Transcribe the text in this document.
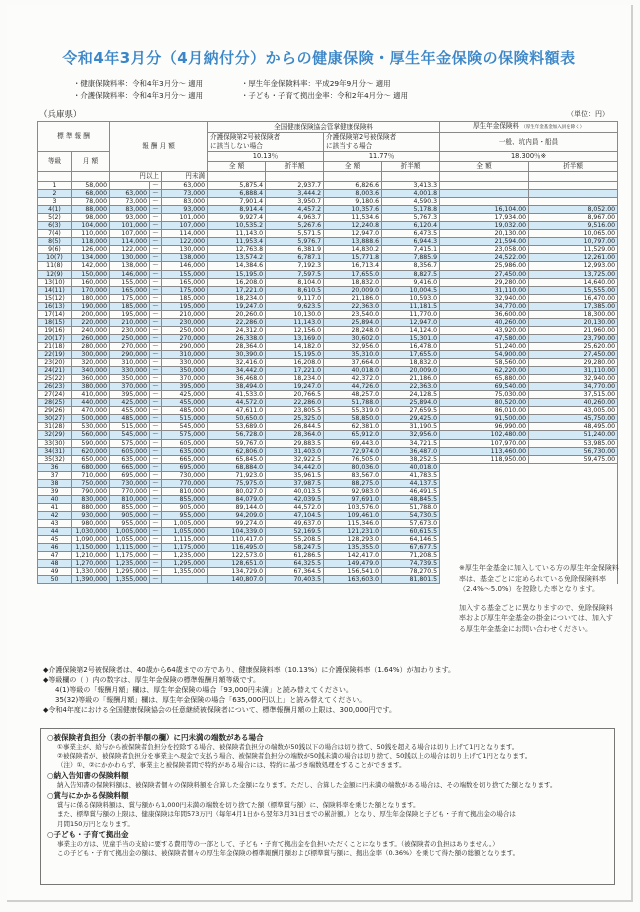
令和4年3月分（4月納付分）からの健康保険・厚生年金保険の保険料額表
・健康保険料率：令和4年3月分～ 適用	・厚生年金保険料率：平成29年9月分～ 適用
・介護保険料率：令和4年3月分～ 適用	・子ども・子育て拠出金率：令和2年4月分～ 適用
（兵庫県）	（単位：円）
標 準 報 酬		報 酬 月 額			全国健康保険協会管掌健康保険料				厚生年金保険料 （厚生年金基金加入員を除く）	
					介護保険第2号被保険者
に該当しない場合		介護保険第2号被保険者
に該当する場合		一般、坑内員・船員	
等級	月 額				10.13％		11.77％		18.300％※	
					全 額	折半額	全 額	折半額	全 額	折半額
		円以上		円未満						
1	58,000		～	63,000	5,875.4	2,937.7	6,826.6	3,413.3		
2	68,000	63,000	～	73,000	6,888.4	3,444.2	8,003.6	4,001.8		
3	78,000	73,000	～	83,000	7,901.4	3,950.7	9,180.6	4,590.3		
4(1)	88,000	83,000	～	93,000	8,914.4	4,457.2	10,357.6	5,178.8	16,104.00	8,052.00
5(2)	98,000	93,000	～	101,000	9,927.4	4,963.7	11,534.6	5,767.3	17,934.00	8,967.00
6(3)	104,000	101,000	～	107,000	10,535.2	5,267.6	12,240.8	6,120.4	19,032.00	9,516.00
7(4)	110,000	107,000	～	114,000	11,143.0	5,571.5	12,947.0	6,473.5	20,130.00	10,065.00
8(5)	118,000	114,000	～	122,000	11,953.4	5,976.7	13,888.6	6,944.3	21,594.00	10,797.00
9(6)	126,000	122,000	～	130,000	12,763.8	6,381.9	14,830.2	7,415.1	23,058.00	11,529.00
10(7)	134,000	130,000	～	138,000	13,574.2	6,787.1	15,771.8	7,885.9	24,522.00	12,261.00
11(8)	142,000	138,000	～	146,000	14,384.6	7,192.3	16,713.4	8,356.7	25,986.00	12,993.00
12(9)	150,000	146,000	～	155,000	15,195.0	7,597.5	17,655.0	8,827.5	27,450.00	13,725.00
13(10)	160,000	155,000	～	165,000	16,208.0	8,104.0	18,832.0	9,416.0	29,280.00	14,640.00
14(11)	170,000	165,000	～	175,000	17,221.0	8,610.5	20,009.0	10,004.5	31,110.00	15,555.00
15(12)	180,000	175,000	～	185,000	18,234.0	9,117.0	21,186.0	10,593.0	32,940.00	16,470.00
16(13)	190,000	185,000	～	195,000	19,247.0	9,623.5	22,363.0	11,181.5	34,770.00	17,385.00
17(14)	200,000	195,000	～	210,000	20,260.0	10,130.0	23,540.0	11,770.0	36,600.00	18,300.00
18(15)	220,000	210,000	～	230,000	22,286.0	11,143.0	25,894.0	12,947.0	40,260.00	20,130.00
19(16)	240,000	230,000	～	250,000	24,312.0	12,156.0	28,248.0	14,124.0	43,920.00	21,960.00
20(17)	260,000	250,000	～	270,000	26,338.0	13,169.0	30,602.0	15,301.0	47,580.00	23,790.00
21(18)	280,000	270,000	～	290,000	28,364.0	14,182.0	32,956.0	16,478.0	51,240.00	25,620.00
22(19)	300,000	290,000	～	310,000	30,390.0	15,195.0	35,310.0	17,655.0	54,900.00	27,450.00
23(20)	320,000	310,000	～	330,000	32,416.0	16,208.0	37,664.0	18,832.0	58,560.00	29,280.00
24(21)	340,000	330,000	～	350,000	34,442.0	17,221.0	40,018.0	20,009.0	62,220.00	31,110.00
25(22)	360,000	350,000	～	370,000	36,468.0	18,234.0	42,372.0	21,186.0	65,880.00	32,940.00
26(23)	380,000	370,000	～	395,000	38,494.0	19,247.0	44,726.0	22,363.0	69,540.00	34,770.00
27(24)	410,000	395,000	～	425,000	41,533.0	20,766.5	48,257.0	24,128.5	75,030.00	37,515.00
28(25)	440,000	425,000	～	455,000	44,572.0	22,286.0	51,788.0	25,894.0	80,520.00	40,260.00
29(26)	470,000	455,000	～	485,000	47,611.0	23,805.5	55,319.0	27,659.5	86,010.00	43,005.00
30(27)	500,000	485,000	～	515,000	50,650.0	25,325.0	58,850.0	29,425.0	91,500.00	45,750.00
31(28)	530,000	515,000	～	545,000	53,689.0	26,844.5	62,381.0	31,190.5	96,990.00	48,495.00
32(29)	560,000	545,000	～	575,000	56,728.0	28,364.0	65,912.0	32,956.0	102,480.00	51,240.00
33(30)	590,000	575,000	～	605,000	59,767.0	29,883.5	69,443.0	34,721.5	107,970.00	53,985.00
34(31)	620,000	605,000	～	635,000	62,806.0	31,403.0	72,974.0	36,487.0	113,460.00	56,730.00
35(32)	650,000	635,000	～	665,000	65,845.0	32,922.5	76,505.0	38,252.5	118,950.00	59,475.00
36	680,000	665,000	～	695,000	68,884.0	34,442.0	80,036.0	40,018.0		
37	710,000	695,000	～	730,000	71,923.0	35,961.5	83,567.0	41,783.5		
38	750,000	730,000	～	770,000	75,975.0	37,987.5	88,275.0	44,137.5		
39	790,000	770,000	～	810,000	80,027.0	40,013.5	92,983.0	46,491.5		
40	830,000	810,000	～	855,000	84,079.0	42,039.5	97,691.0	48,845.5		
41	880,000	855,000	～	905,000	89,144.0	44,572.0	103,576.0	51,788.0		
42	930,000	905,000	～	955,000	94,209.0	47,104.5	109,461.0	54,730.5		
43	980,000	955,000	～	1,005,000	99,274.0	49,637.0	115,346.0	57,673.0		
44	1,030,000	1,005,000	～	1,055,000	104,339.0	52,169.5	121,231.0	60,615.5		
45	1,090,000	1,055,000	～	1,115,000	110,417.0	55,208.5	128,293.0	64,146.5		
46	1,150,000	1,115,000	～	1,175,000	116,495.0	58,247.5	135,355.0	67,677.5		
47	1,210,000	1,175,000	～	1,235,000	122,573.0	61,286.5	142,417.0	71,208.5		
48	1,270,000	1,235,000	～	1,295,000	128,651.0	64,325.5	149,479.0	74,739.5		
49	1,330,000	1,295,000	～	1,355,000	134,729.0	67,364.5	156,541.0	78,270.5		
50	1,390,000	1,355,000	～		140,807.0	70,403.5	163,603.0	81,801.5		

※厚生年金基金に加入している方の厚生年金保険料率は、基金ごとに定められている免除保険料率（2.4%～5.0%）を控除した率となります。

加入する基金ごとに異なりますので、免除保険料率および厚生年金基金の掛金については、加入する厚生年金基金にお問い合わせください。

◆介護保険第2号被保険者は、40歳から64歳までの方であり、健康保険料率（10.13%）に介護保険料率（1.64%）が加わります。
◆等級欄の（ ）内の数字は、厚生年金保険の標準報酬月額等級です。
4(1)等級の「報酬月額」欄は、厚生年金保険の場合「93,000円未満」と読み替えてください。
35(32)等級の「報酬月額」欄は、厚生年金保険の場合「635,000円以上」と読み替えてください。
◆令和4年度における全国健康保険協会の任意継続被保険者について、標準報酬月額の上限は、300,000円です。
○被保険者負担分（表の折半額の欄）に円未満の端数がある場合
①事業主が、給与から被保険者負担分を控除する場合、被保険者負担分の端数が50銭以下の場合は切り捨て、50銭を超える場合は切り上げて1円となります。
②被保険者が、被保険者負担分を事業主へ現金で支払う場合、被保険者負担分の端数が50銭未満の場合は切り捨て、50銭以上の場合は切り上げて1円となります。
（注）①、②にかかわらず、事業主と被保険者間で特約がある場合には、特約に基づき端数処理をすることができます。
○納入告知書の保険料額
納入告知書の保険料額は、被保険者個々の保険料額を合算した金額になります。ただし、合算した金額に円未満の端数がある場合は、その端数を切り捨てた額となります。
○賞与にかかる保険料額
賞与に係る保険料額は、賞与額から1,000円未満の端数を切り捨てた額（標準賞与額）に、保険料率を乗じた額となります。
また、標準賞与額の上限は、健康保険は年間573万円（毎年4月1日から翌年3月31日までの累計額。）となり、厚生年金保険と子ども・子育て拠出金の場合は
月間150万円となります。
○子ども・子育て拠出金
事業主の方は、児童手当の支給に要する費用等の一部として、子ども・子育て拠出金を負担いただくことになります。（被保険者の負担はありません。）
この子ども・子育て拠出金の額は、被保険者個々の厚生年金保険の標準報酬月額および標準賞与額に、拠出金率（0.36%）を乗じて得た額の総額となります。
